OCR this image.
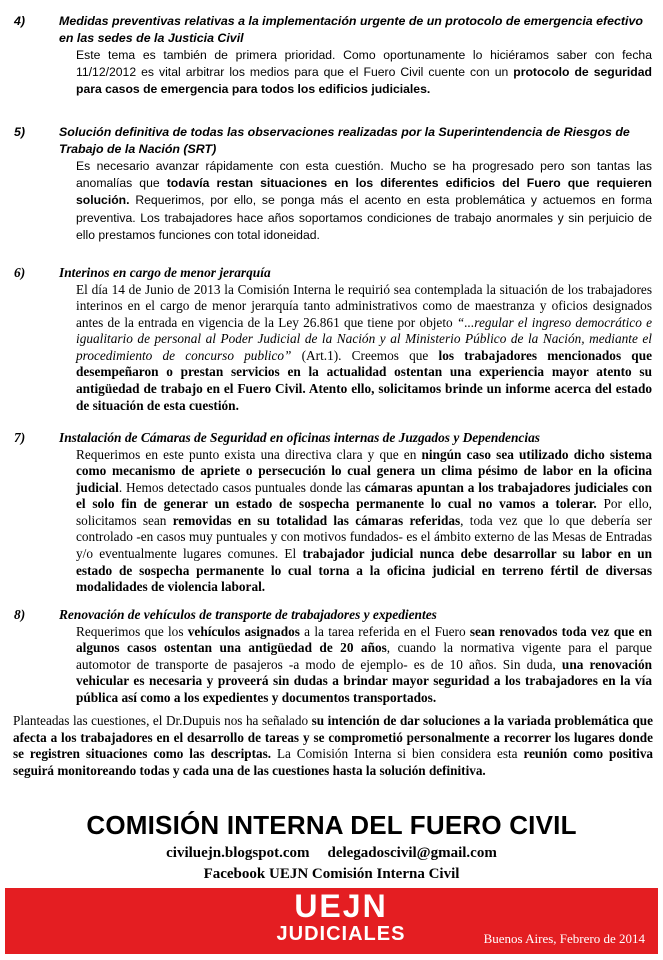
4)	Medidas preventivas relativas a la implementación urgente de un protocolo de emergencia efectivo en las sedes de la Justicia Civil
Este tema es también de primera prioridad. Como oportunamente lo hiciéramos saber con fecha 11/12/2012 es vital arbitrar los medios para que el Fuero Civil cuente con un protocolo de seguridad para casos de emergencia para todos los edificios judiciales.
5)	Solución definitiva de todas las observaciones realizadas por la Superintendencia de Riesgos de Trabajo de la Nación (SRT)
Es necesario avanzar rápidamente con esta cuestión. Mucho se ha progresado pero son tantas las anomalías que todavía restan situaciones en los diferentes edificios del Fuero que requieren solución. Requerimos, por ello, se ponga más el acento en esta problemática y actuemos en forma preventiva. Los trabajadores hace años soportamos condiciones de trabajo anormales y sin perjuicio de ello prestamos funciones con total idoneidad.
6)	Interinos en cargo de menor jerarquía
El día 14 de Junio de 2013 la Comisión Interna le requirió sea contemplada la situación de los trabajadores interinos en el cargo de menor jerarquía tanto administrativos como de maestranza y oficios designados antes de la entrada en vigencia de la Ley 26.861 que tiene por objeto “...regular el ingreso democrático e igualitario de personal al Poder Judicial de la Nación y al Ministerio Público de la Nación, mediante el procedimiento de concurso publico” (Art.1). Creemos que los trabajadores mencionados que desempeñaron o prestan servicios en la actualidad ostentan una experiencia mayor atento su antigüedad de trabajo en el Fuero Civil. Atento ello, solicitamos brinde un informe acerca del estado de situación de esta cuestión.
7)	Instalación de Cámaras de Seguridad en oficinas internas de Juzgados y Dependencias
Requerimos en este punto exista una directiva clara y que en ningún caso sea utilizado dicho sistema como mecanismo de apriete o persecución lo cual genera un clima pésimo de labor en la oficina judicial. Hemos detectado casos puntuales donde las cámaras apuntan a los trabajadores judiciales con el solo fin de generar un estado de sospecha permanente lo cual no vamos a tolerar. Por ello, solicitamos sean removidas en su totalidad las cámaras referidas, toda vez que lo que debería ser controlado -en casos muy puntuales y con motivos fundados- es el ámbito externo de las Mesas de Entradas y/o eventualmente lugares comunes. El trabajador judicial nunca debe desarrollar su labor en un estado de sospecha permanente lo cual torna a la oficina judicial en terreno fértil de diversas modalidades de violencia laboral.
8)	Renovación de vehículos de transporte de trabajadores y expedientes
Requerimos que los vehículos asignados a la tarea referida en el Fuero sean renovados toda vez que en algunos casos ostentan una antigüedad de 20 años, cuando la normativa vigente para el parque automotor de transporte de pasajeros -a modo de ejemplo- es de 10 años. Sin duda, una renovación vehicular es necesaria y proveerá sin dudas a brindar mayor seguridad a los trabajadores en la vía pública así como a los expedientes y documentos transportados.
Planteadas las cuestiones, el Dr.Dupuis nos ha señalado su intención de dar soluciones a la variada problemática que afecta a los trabajadores en el desarrollo de tareas y se comprometió personalmente a recorrer los lugares donde se registren situaciones como las descriptas. La Comisión Interna si bien considera esta reunión como positiva seguirá monitoreando todas y cada una de las cuestiones hasta la solución definitiva.
COMISIÓN INTERNA DEL FUERO CIVIL
civiluejn.blogspot.com delegadoscivil@gmail.com
Facebook UEJN Comisión Interna Civil
UEJN
JUDICIALES	Buenos Aires, Febrero de 2014
